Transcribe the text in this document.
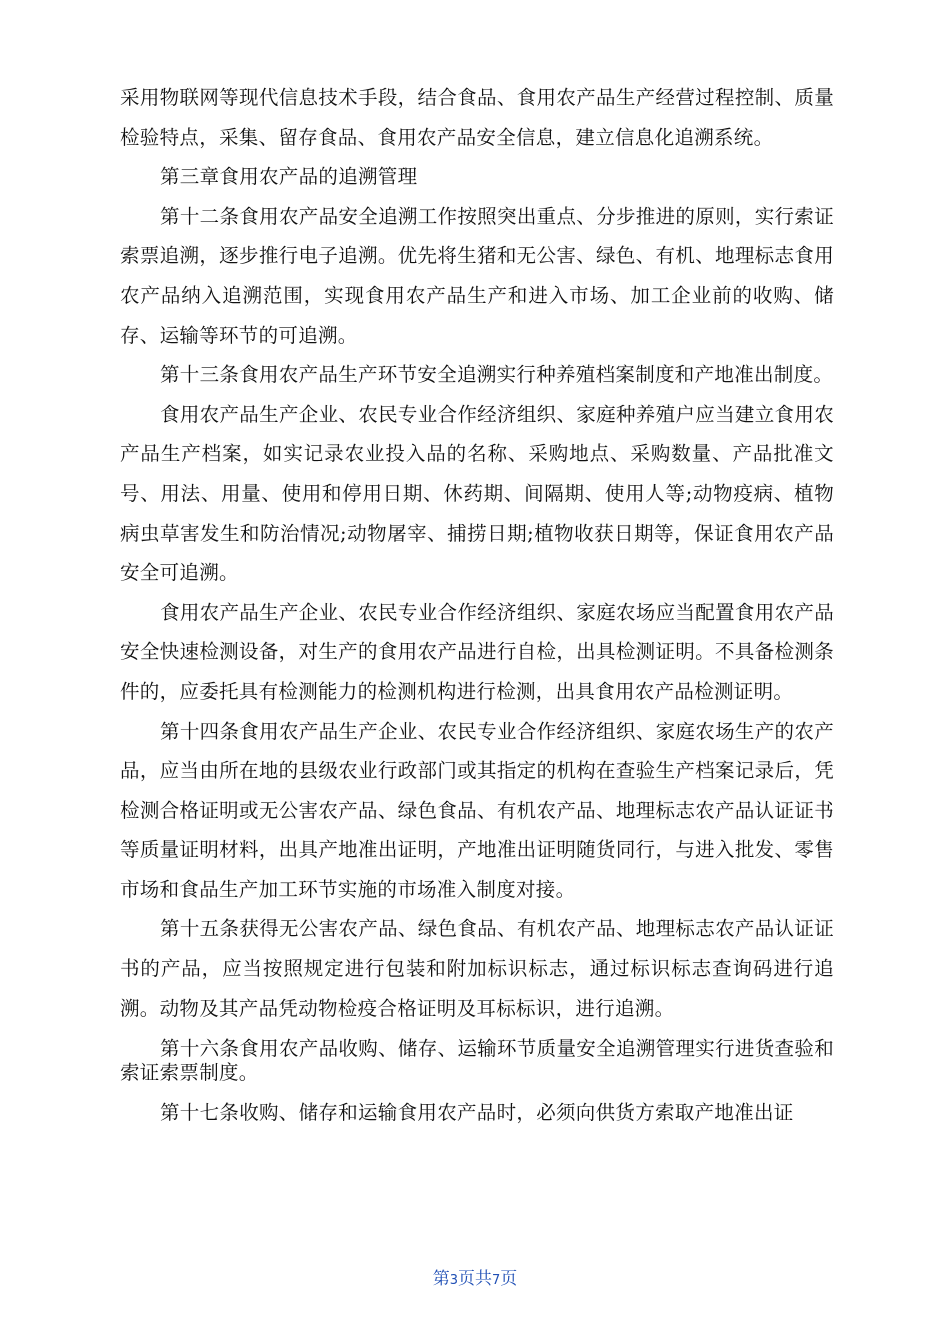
采用物联网等现代信息技术手段，结合食品、食用农产品生产经营过程控制、质量检验特点，采集、留存食品、食用农产品安全信息，建立信息化追溯系统。

第三章食用农产品的追溯管理

第十二条食用农产品安全追溯工作按照突出重点、分步推进的原则，实行索证索票追溯，逐步推行电子追溯。优先将生猪和无公害、绿色、有机、地理标志食用农产品纳入追溯范围，实现食用农产品生产和进入市场、加工企业前的收购、储存、运输等环节的可追溯。

第十三条食用农产品生产环节安全追溯实行种养殖档案制度和产地准出制度。

食用农产品生产企业、农民专业合作经济组织、家庭种养殖户应当建立食用农产品生产档案，如实记录农业投入品的名称、采购地点、采购数量、产品批准文号、用法、用量、使用和停用日期、休药期、间隔期、使用人等;动物疫病、植物病虫草害发生和防治情况;动物屠宰、捕捞日期;植物收获日期等，保证食用农产品安全可追溯。

食用农产品生产企业、农民专业合作经济组织、家庭农场应当配置食用农产品安全快速检测设备，对生产的食用农产品进行自检，出具检测证明。不具备检测条件的，应委托具有检测能力的检测机构进行检测，出具食用农产品检测证明。

第十四条食用农产品生产企业、农民专业合作经济组织、家庭农场生产的农产品，应当由所在地的县级农业行政部门或其指定的机构在查验生产档案记录后，凭检测合格证明或无公害农产品、绿色食品、有机农产品、地理标志农产品认证证书等质量证明材料，出具产地准出证明，产地准出证明随货同行，与进入批发、零售市场和食品生产加工环节实施的市场准入制度对接。

第十五条获得无公害农产品、绿色食品、有机农产品、地理标志农产品认证证书的产品，应当按照规定进行包装和附加标识标志，通过标识标志查询码进行追溯。动物及其产品凭动物检疫合格证明及耳标标识，进行追溯。

第十六条食用农产品收购、储存、运输环节质量安全追溯管理实行进货查验和索证索票制度。

第十七条收购、储存和运输食用农产品时，必须向供货方索取产地准出证

第3页共7页
